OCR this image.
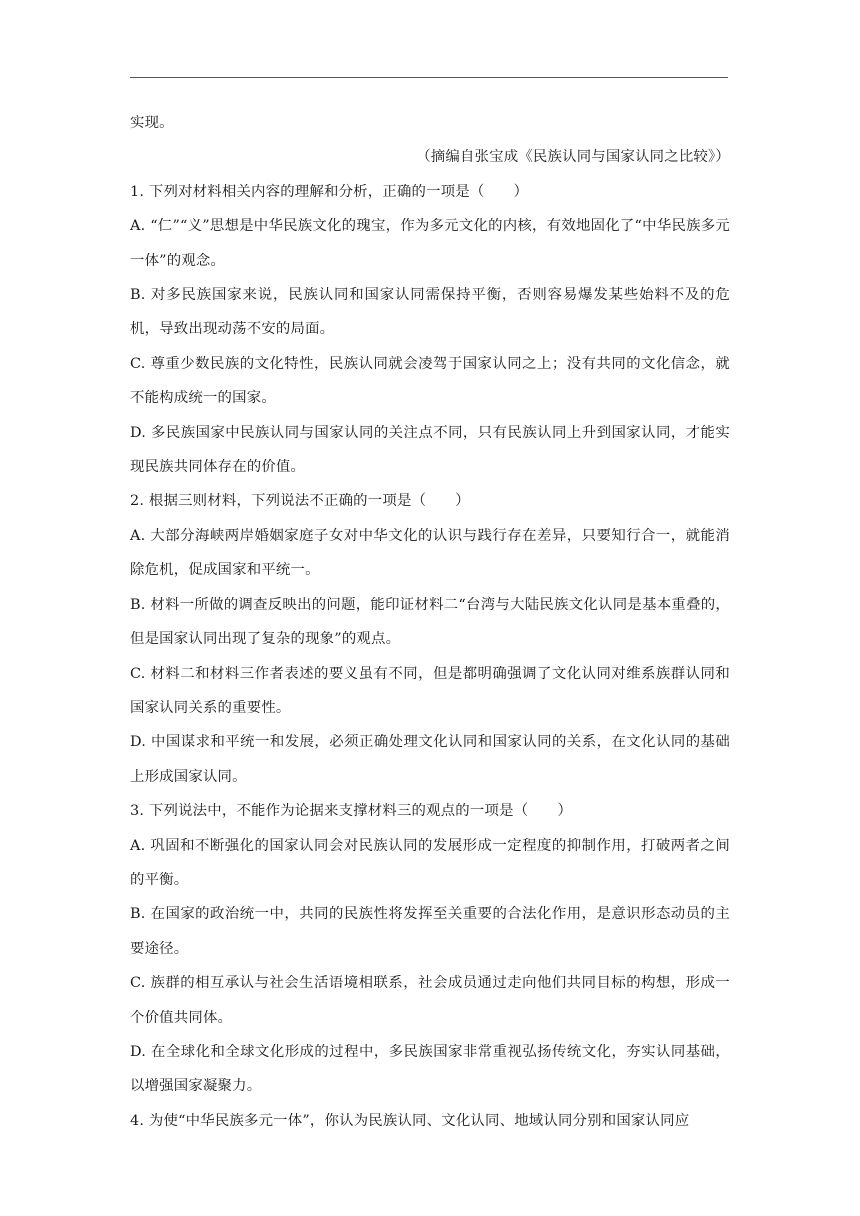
实现。

（摘编自张宝成《民族认同与国家认同之比较》）

1. 下列对材料相关内容的理解和分析，正确的一项是（　　）

A. “仁”“义”思想是中华民族文化的瑰宝，作为多元文化的内核，有效地固化了“中华民族多元一体”的观念。

B. 对多民族国家来说，民族认同和国家认同需保持平衡，否则容易爆发某些始料不及的危机，导致出现动荡不安的局面。

C. 尊重少数民族的文化特性，民族认同就会凌驾于国家认同之上；没有共同的文化信念，就不能构成统一的国家。

D. 多民族国家中民族认同与国家认同的关注点不同，只有民族认同上升到国家认同，才能实现民族共同体存在的价值。

2. 根据三则材料，下列说法不正确的一项是（　　）

A. 大部分海峡两岸婚姻家庭子女对中华文化的认识与践行存在差异，只要知行合一，就能消除危机，促成国家和平统一。

B. 材料一所做的调查反映出的问题，能印证材料二“台湾与大陆民族文化认同是基本重叠的，但是国家认同出现了复杂的现象”的观点。

C. 材料二和材料三作者表述的要义虽有不同，但是都明确强调了文化认同对维系族群认同和国家认同关系的重要性。

D. 中国谋求和平统一和发展，必须正确处理文化认同和国家认同的关系，在文化认同的基础上形成国家认同。

3. 下列说法中，不能作为论据来支撑材料三的观点的一项是（　　）

A. 巩固和不断强化的国家认同会对民族认同的发展形成一定程度的抑制作用，打破两者之间的平衡。

B. 在国家的政治统一中，共同的民族性将发挥至关重要的合法化作用，是意识形态动员的主要途径。

C. 族群的相互承认与社会生活语境相联系，社会成员通过走向他们共同目标的构想，形成一个价值共同体。

D. 在全球化和全球文化形成的过程中，多民族国家非常重视弘扬传统文化，夯实认同基础，以增强国家凝聚力。

4. 为使“中华民族多元一体”，你认为民族认同、文化认同、地域认同分别和国家认同应
